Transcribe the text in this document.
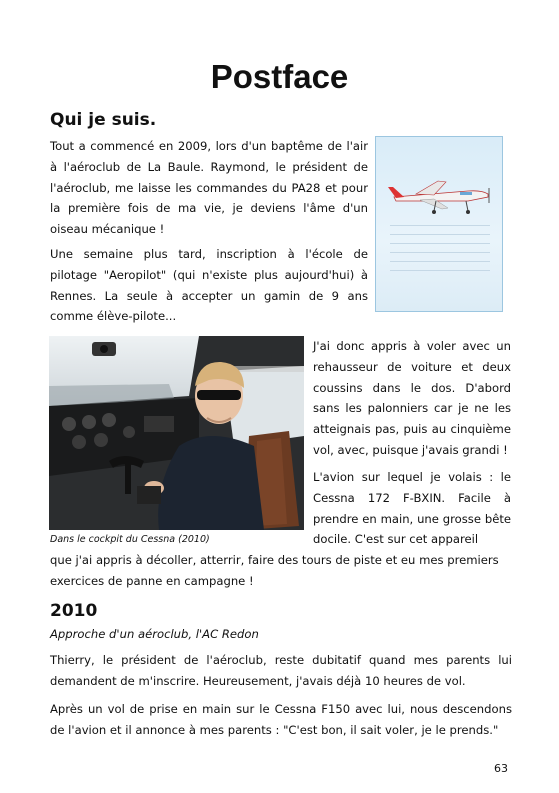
Postface
Qui je suis.

Tout a commencé en 2009, lors d'un baptême de l'air à l'aéroclub de La Baule. Raymond, le président de l'aéroclub, me laisse les commandes du PA28 et pour la première fois de ma vie, je deviens l'âme d'un oiseau mécanique !

Une semaine plus tard, inscription à l'école de pilotage "Aeropilot" (qui n'existe plus aujourd'hui) à Rennes. La seule à accepter un gamin de 9 ans comme élève-pilote...

J'ai donc appris à voler avec un rehausseur de voiture et deux coussins dans le dos. D'abord sans les palonniers car je ne les atteignais pas, puis au cinquième vol, avec, puisque j'avais grandi !

L'avion sur lequel je volais : le Cessna 172 F-BXIN. Facile à prendre en main, une grosse bête docile. C'est sur cet appareil

Dans le cockpit du Cessna (2010)

que j'ai appris à décoller, atterrir, faire des tours de piste et eu mes premiers exercices de panne en campagne !

2010

Approche d'un aéroclub, l'AC Redon

Thierry, le président de l'aéroclub, reste dubitatif quand mes parents lui demandent de m'inscrire. Heureusement, j'avais déjà 10 heures de vol.

Après un vol de prise en main sur le Cessna F150 avec lui, nous descendons de l'avion et il annonce à mes parents : "C'est bon, il sait voler, je le prends."

63
